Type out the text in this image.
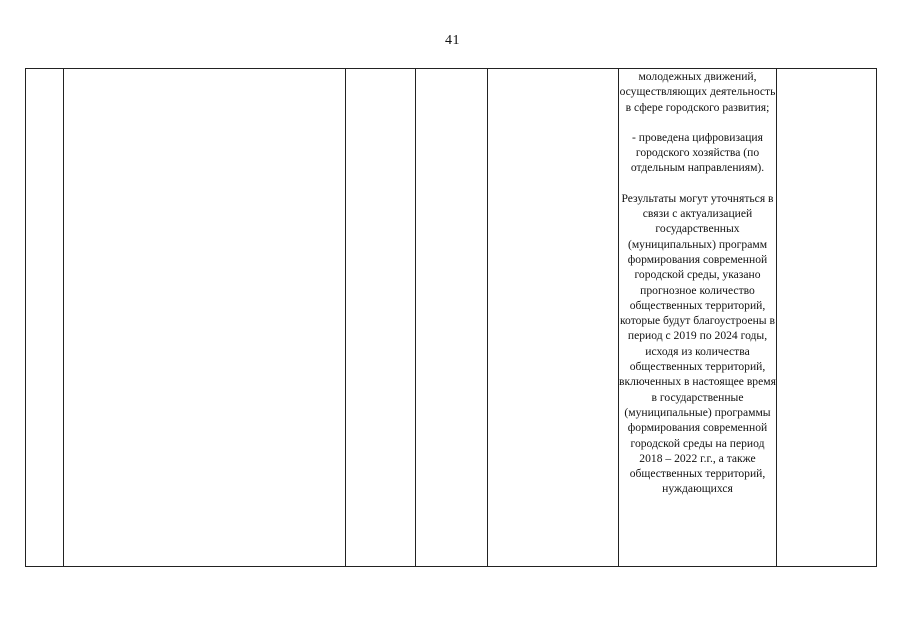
41

молодежных движений, осуществляющих деятельность в сфере городского развития;
- проведена цифровизация городского хозяйства (по отдельным направлениям).
Результаты могут уточняться в связи с актуализацией государственных (муниципальных) программ формирования современной городской среды, указано прогнозное количество общественных территорий, которые будут благоустроены в период с 2019 по 2024 годы, исходя из количества общественных территорий, включенных в настоящее время в государственные (муниципальные) программы формирования современной городской среды на период 2018 – 2022 г.г., а также общественных территорий, нуждающихся
